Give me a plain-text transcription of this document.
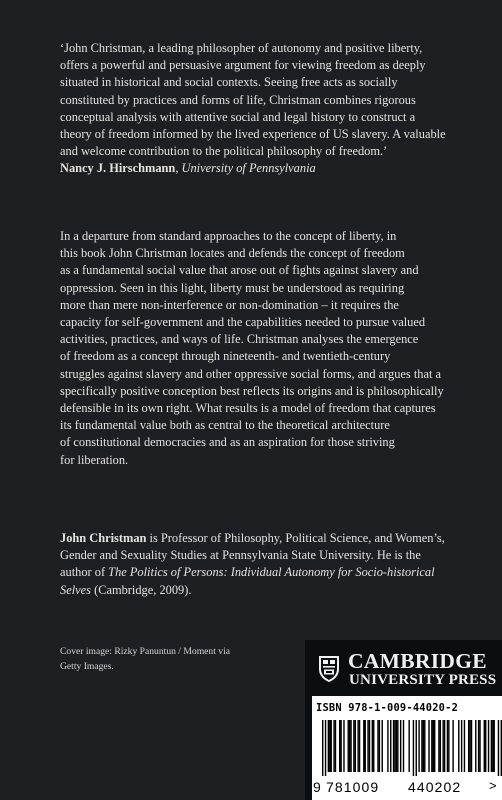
‘John Christman, a leading philosopher of autonomy and positive liberty,
offers a powerful and persuasive argument for viewing freedom as deeply
situated in historical and social contexts. Seeing free acts as socially
constituted by practices and forms of life, Christman combines rigorous
conceptual analysis with attentive social and legal history to construct a
theory of freedom informed by the lived experience of US slavery. A valuable
and welcome contribution to the political philosophy of freedom.’
Nancy J. Hirschmann, University of Pennsylvania

In a departure from standard approaches to the concept of liberty, in
this book John Christman locates and defends the concept of freedom
as a fundamental social value that arose out of fights against slavery and
oppression. Seen in this light, liberty must be understood as requiring
more than mere non-interference or non-domination – it requires the
capacity for self-government and the capabilities needed to pursue valued
activities, practices, and ways of life. Christman analyses the emergence
of freedom as a concept through nineteenth- and twentieth-century
struggles against slavery and other oppressive social forms, and argues that a
specifically positive conception best reflects its origins and is philosophically
defensible in its own right. What results is a model of freedom that captures
its fundamental value both as central to the theoretical architecture
of constitutional democracies and as an aspiration for those striving
for liberation.

John Christman is Professor of Philosophy, Political Science, and Women’s,
Gender and Sexuality Studies at Pennsylvania State University. He is the
author of The Politics of Persons: Individual Autonomy for Socio-historical
Selves (Cambridge, 2009).

Cover image: Rizky Panuntun / Moment via
Getty Images.	CAMBRIDGE
UNIVERSITY PRESS
ISBN 978-1-009-44020-2
9 781009 440202 >
